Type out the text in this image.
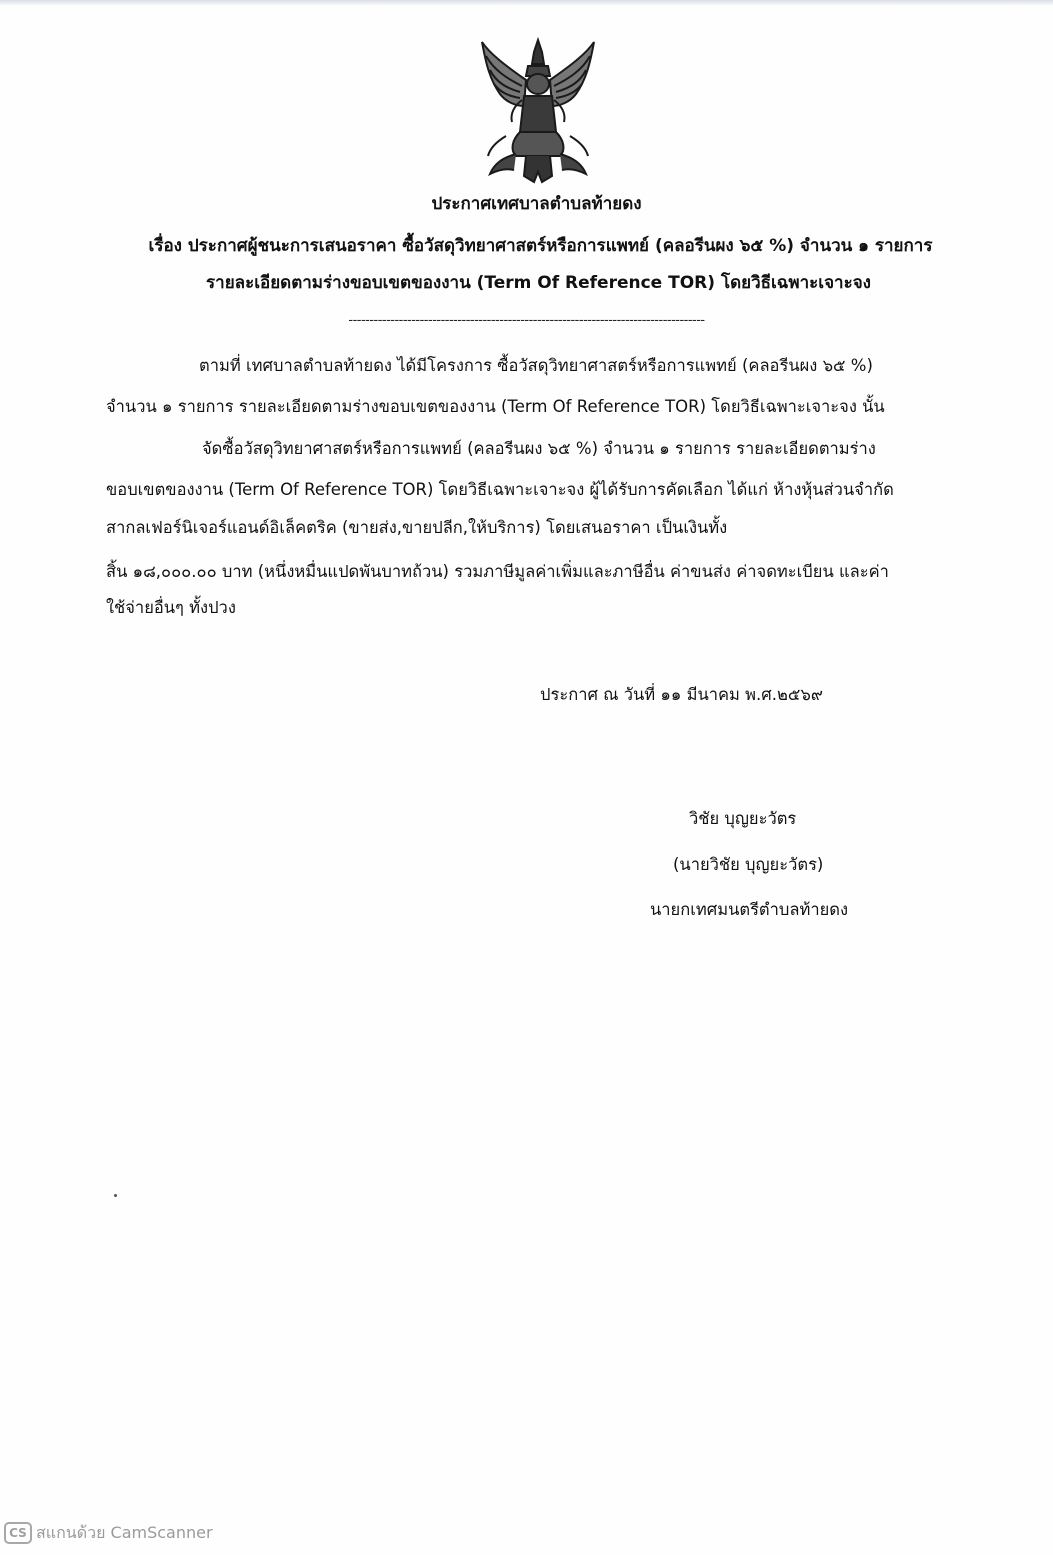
ประกาศเทศบาลตำบลท้ายดง
เรื่อง ประกาศผู้ชนะการเสนอราคา ซื้อวัสดุวิทยาศาสตร์หรือการแพทย์ (คลอรีนผง ๖๕ %) จำนวน ๑ รายการ
รายละเอียดตามร่างขอบเขตของงาน (Term Of Reference TOR) โดยวิธีเฉพาะเจาะจง
-------------------------------------------------------------------------------------
ตามที่ เทศบาลตำบลท้ายดง ได้มีโครงการ ซื้อวัสดุวิทยาศาสตร์หรือการแพทย์ (คลอรีนผง ๖๕ %)
จำนวน ๑ รายการ รายละเอียดตามร่างขอบเขตของงาน (Term Of Reference TOR) โดยวิธีเฉพาะเจาะจง นั้น
จัดซื้อวัสดุวิทยาศาสตร์หรือการแพทย์ (คลอรีนผง ๖๕ %) จำนวน ๑ รายการ รายละเอียดตามร่าง
ขอบเขตของงาน (Term Of Reference TOR) โดยวิธีเฉพาะเจาะจง ผู้ได้รับการคัดเลือก ได้แก่ ห้างหุ้นส่วนจำกัด
สากลเฟอร์นิเจอร์แอนด์อิเล็คตริค (ขายส่ง,ขายปลีก,ให้บริการ) โดยเสนอราคา เป็นเงินทั้ง
สิ้น ๑๘,๐๐๐.๐๐ บาท (หนึ่งหมื่นแปดพันบาทถ้วน) รวมภาษีมูลค่าเพิ่มและภาษีอื่น ค่าขนส่ง ค่าจดทะเบียน และค่า
ใช้จ่ายอื่นๆ ทั้งปวง
ประกาศ ณ วันที่ ๑๑ มีนาคม พ.ศ.๒๕๖๙
วิชัย บุญยะวัตร
(นายวิชัย บุญยะวัตร)
นายกเทศมนตรีตำบลท้ายดง
CS สแกนด้วย CamScanner
